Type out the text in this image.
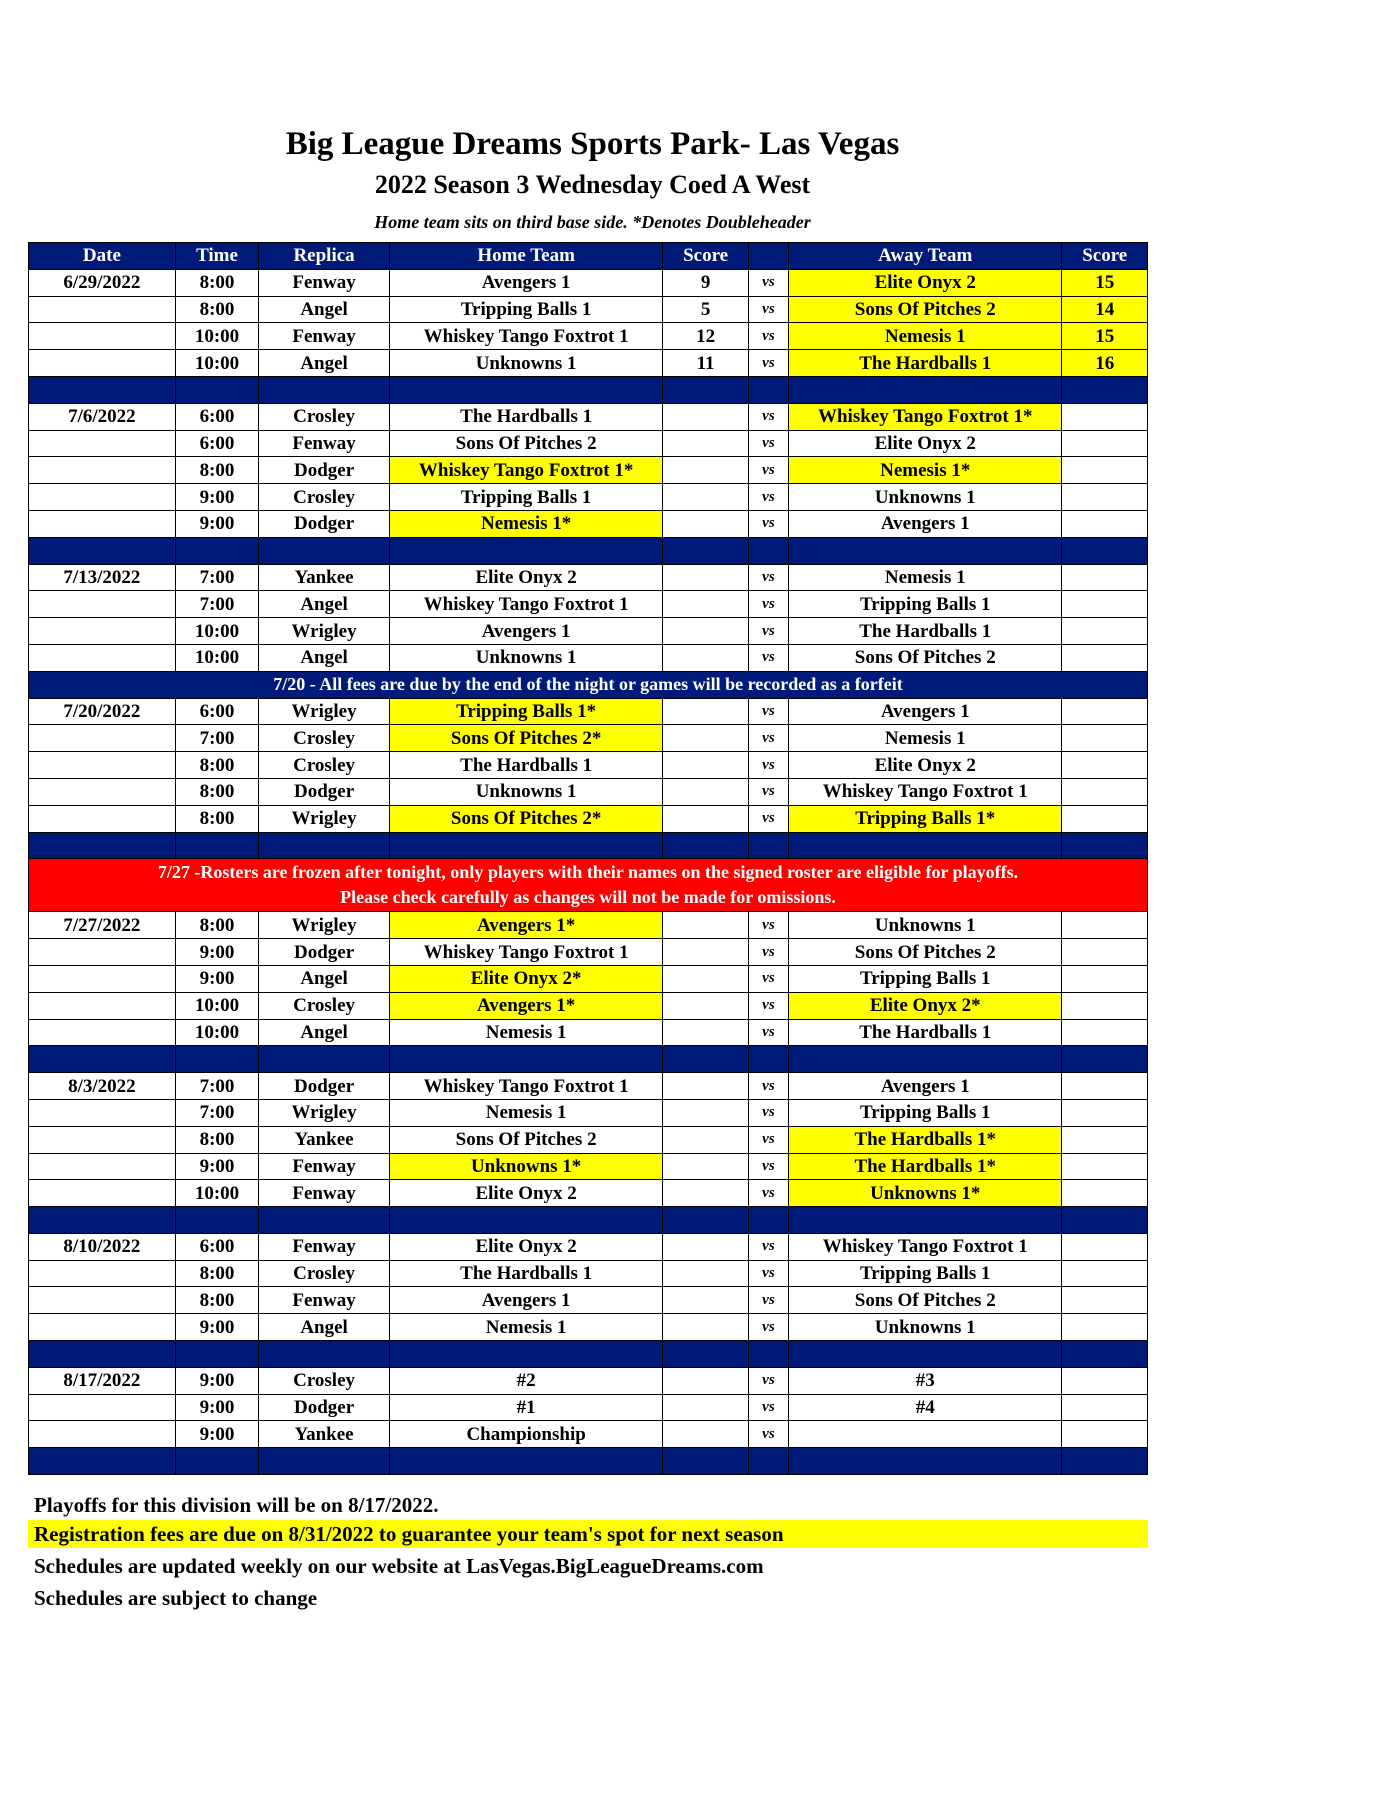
Big League Dreams Sports Park- Las Vegas
2022 Season 3 Wednesday Coed A West
Home team sits on third base side. *Denotes Doubleheader
Date	Time	Replica	Home Team	Score		Away Team	Score
6/29/2022	8:00	Fenway	Avengers 1	9	vs	Elite Onyx 2	15
	8:00	Angel	Tripping Balls 1	5	vs	Sons Of Pitches 2	14
	10:00	Fenway	Whiskey Tango Foxtrot 1	12	vs	Nemesis 1	15
	10:00	Angel	Unknowns 1	11	vs	The Hardballs 1	16

7/6/2022	6:00	Crosley	The Hardballs 1		vs	Whiskey Tango Foxtrot 1*	
	6:00	Fenway	Sons Of Pitches 2		vs	Elite Onyx 2	
	8:00	Dodger	Whiskey Tango Foxtrot 1*		vs	Nemesis 1*	
	9:00	Crosley	Tripping Balls 1		vs	Unknowns 1	
	9:00	Dodger	Nemesis 1*		vs	Avengers 1	

7/13/2022	7:00	Yankee	Elite Onyx 2		vs	Nemesis 1	
	7:00	Angel	Whiskey Tango Foxtrot 1		vs	Tripping Balls 1	
	10:00	Wrigley	Avengers 1		vs	The Hardballs 1	
	10:00	Angel	Unknowns 1		vs	Sons Of Pitches 2	
7/20 - All fees are due by the end of the night or games will be recorded as a forfeit							
7/20/2022	6:00	Wrigley	Tripping Balls 1*		vs	Avengers 1	
	7:00	Crosley	Sons Of Pitches 2*		vs	Nemesis 1	
	8:00	Crosley	The Hardballs 1		vs	Elite Onyx 2	
	8:00	Dodger	Unknowns 1		vs	Whiskey Tango Foxtrot 1	
	8:00	Wrigley	Sons Of Pitches 2*		vs	Tripping Balls 1*	

7/27 -Rosters are frozen after tonight, only players with their names on the signed roster are eligible for playoffs.
Please check carefully as changes will not be made for omissions.							

7/27/2022	8:00	Wrigley	Avengers 1*		vs	Unknowns 1	
	9:00	Dodger	Whiskey Tango Foxtrot 1		vs	Sons Of Pitches 2	
	9:00	Angel	Elite Onyx 2*		vs	Tripping Balls 1	
	10:00	Crosley	Avengers 1*		vs	Elite Onyx 2*	
	10:00	Angel	Nemesis 1		vs	The Hardballs 1	

8/3/2022	7:00	Dodger	Whiskey Tango Foxtrot 1		vs	Avengers 1	
	7:00	Wrigley	Nemesis 1		vs	Tripping Balls 1	
	8:00	Yankee	Sons Of Pitches 2		vs	The Hardballs 1*	
	9:00	Fenway	Unknowns 1*		vs	The Hardballs 1*	
	10:00	Fenway	Elite Onyx 2		vs	Unknowns 1*	

8/10/2022	6:00	Fenway	Elite Onyx 2		vs	Whiskey Tango Foxtrot 1	
	8:00	Crosley	The Hardballs 1		vs	Tripping Balls 1	
	8:00	Fenway	Avengers 1		vs	Sons Of Pitches 2	
	9:00	Angel	Nemesis 1		vs	Unknowns 1	

8/17/2022	9:00	Crosley	#2		vs	#3	
	9:00	Dodger	#1		vs	#4	
	9:00	Yankee	Championship		vs		

Playoffs for this division will be on 8/17/2022.
Registration fees are due on 8/31/2022 to guarantee your team's spot for next season
Schedules are updated weekly on our website at LasVegas.BigLeagueDreams.com
Schedules are subject to change
